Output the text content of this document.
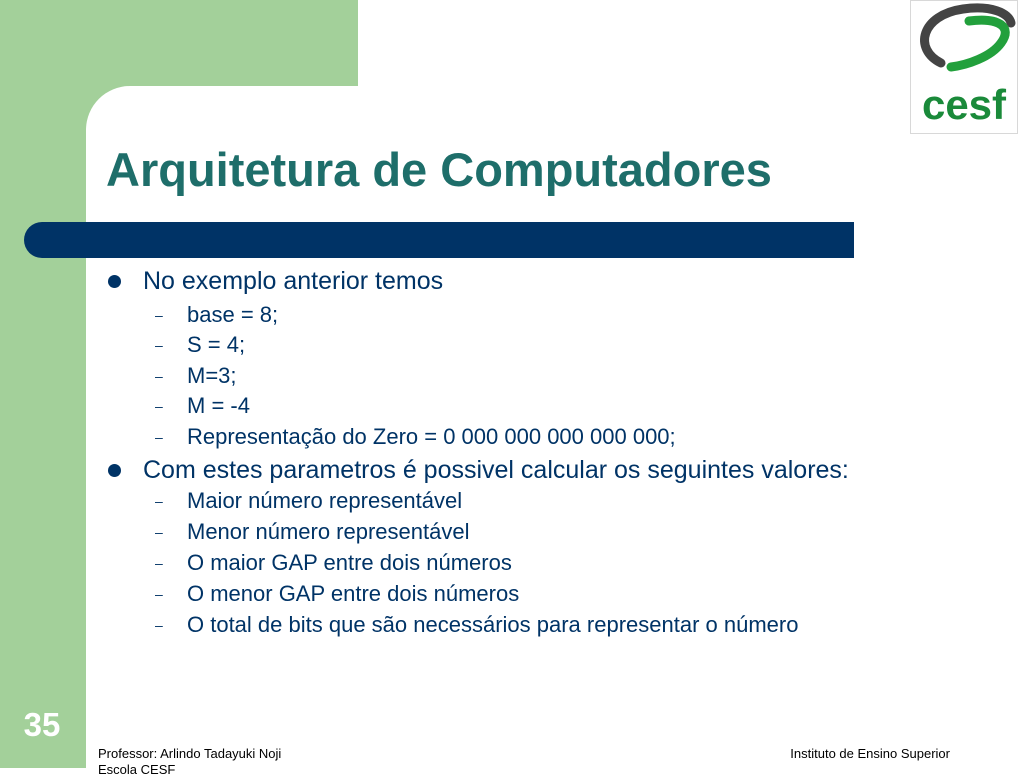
cesf
Arquitetura de Computadores
No exemplo anterior temos
–	base = 8;
–	S = 4;
–	M=3;
–	M = -4
–	Representação do Zero = 0 000 000 000 000 000;
Com estes parametros é possivel calcular os seguintes valores:
–	Maior número representável
–	Menor número representável
–	O maior GAP entre dois números
–	O menor GAP entre dois números
–	O total de bits que são necessários para representar o número
35
Professor: Arlindo Tadayuki Noji
Escola CESF
Instituto de Ensino Superior
